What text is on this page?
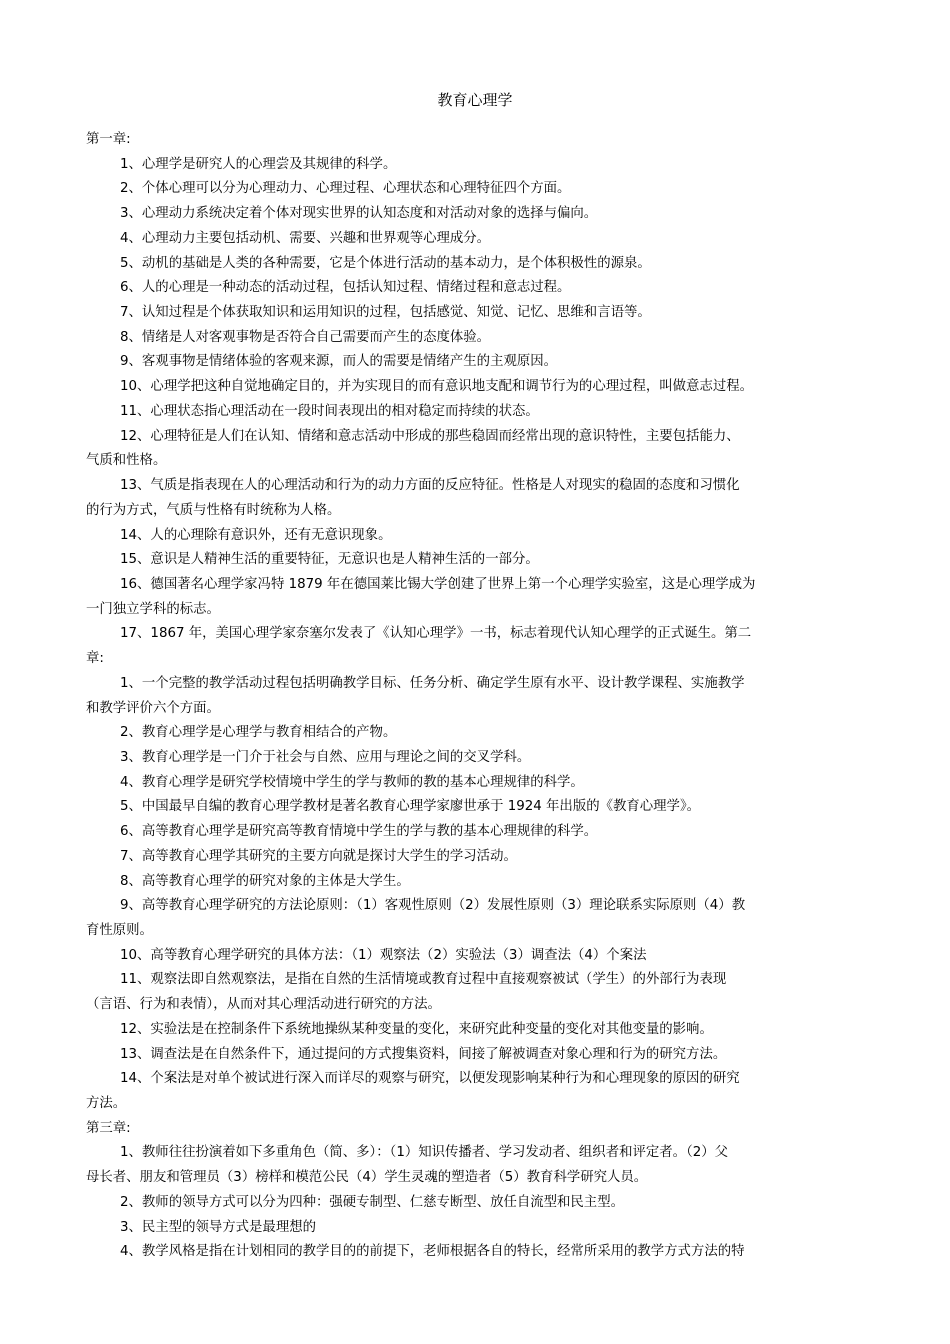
教育心理学
第一章:
1、心理学是研究人的心理尝及其规律的科学。
2、个体心理可以分为心理动力、心理过程、心理状态和心理特征四个方面。
3、心理动力系统决定着个体对现实世界的认知态度和对活动对象的选择与偏向。
4、心理动力主要包括动机、需要、兴趣和世界观等心理成分。
5、动机的基础是人类的各种需要，它是个体进行活动的基本动力，是个体积极性的源泉。
6、人的心理是一种动态的活动过程，包括认知过程、情绪过程和意志过程。
7、认知过程是个体获取知识和运用知识的过程，包括感觉、知觉、记忆、思维和言语等。
8、情绪是人对客观事物是否符合自己需要而产生的态度体验。
9、客观事物是情绪体验的客观来源，而人的需要是情绪产生的主观原因。
10、心理学把这种自觉地确定目的，并为实现目的而有意识地支配和调节行为的心理过程，叫做意志过程。
11、心理状态指心理活动在一段时间表现出的相对稳定而持续的状态。
12、心理特征是人们在认知、情绪和意志活动中形成的那些稳固而经常出现的意识特性，主要包括能力、
气质和性格。
13、气质是指表现在人的心理活动和行为的动力方面的反应特征。性格是人对现实的稳固的态度和习惯化
的行为方式，气质与性格有时统称为人格。
14、人的心理除有意识外，还有无意识现象。
15、意识是人精神生活的重要特征，无意识也是人精神生活的一部分。
16、德国著名心理学家冯特 1879 年在德国莱比锡大学创建了世界上第一个心理学实验室，这是心理学成为
一门独立学科的标志。
17、1867 年，美国心理学家奈塞尔发表了《认知心理学》一书，标志着现代认知心理学的正式诞生。第二
章:
1、一个完整的教学活动过程包括明确教学目标、任务分析、确定学生原有水平、设计教学课程、实施教学
和教学评价六个方面。
2、教育心理学是心理学与教育相结合的产物。
3、教育心理学是一门介于社会与自然、应用与理论之间的交叉学科。
4、教育心理学是研究学校情境中学生的学与教师的教的基本心理规律的科学。
5、中国最早自编的教育心理学教材是著名教育心理学家廖世承于 1924 年出版的《教育心理学》。
6、高等教育心理学是研究高等教育情境中学生的学与教的基本心理规律的科学。
7、高等教育心理学其研究的主要方向就是探讨大学生的学习活动。
8、高等教育心理学的研究对象的主体是大学生。
9、高等教育心理学研究的方法论原则：（1）客观性原则（2）发展性原则（3）理论联系实际原则（4）教
育性原则。
10、高等教育心理学研究的具体方法：（1）观察法（2）实验法（3）调查法（4）个案法
11、观察法即自然观察法，是指在自然的生活情境或教育过程中直接观察被试（学生）的外部行为表现
（言语、行为和表情），从而对其心理活动进行研究的方法。
12、实验法是在控制条件下系统地操纵某种变量的变化，来研究此种变量的变化对其他变量的影响。
13、调查法是在自然条件下，通过提问的方式搜集资料，间接了解被调查对象心理和行为的研究方法。
14、个案法是对单个被试进行深入而详尽的观察与研究，以便发现影响某种行为和心理现象的原因的研究
方法。
第三章:
1、教师往往扮演着如下多重角色（简、多）：（1）知识传播者、学习发动者、组织者和评定者。（2）父
母长者、朋友和管理员（3）榜样和模范公民（4）学生灵魂的塑造者（5）教育科学研究人员。
2、教师的领导方式可以分为四种：强硬专制型、仁慈专断型、放任自流型和民主型。
3、民主型的领导方式是最理想的
4、教学风格是指在计划相同的教学目的的前提下，老师根据各自的特长，经常所采用的教学方式方法的特
